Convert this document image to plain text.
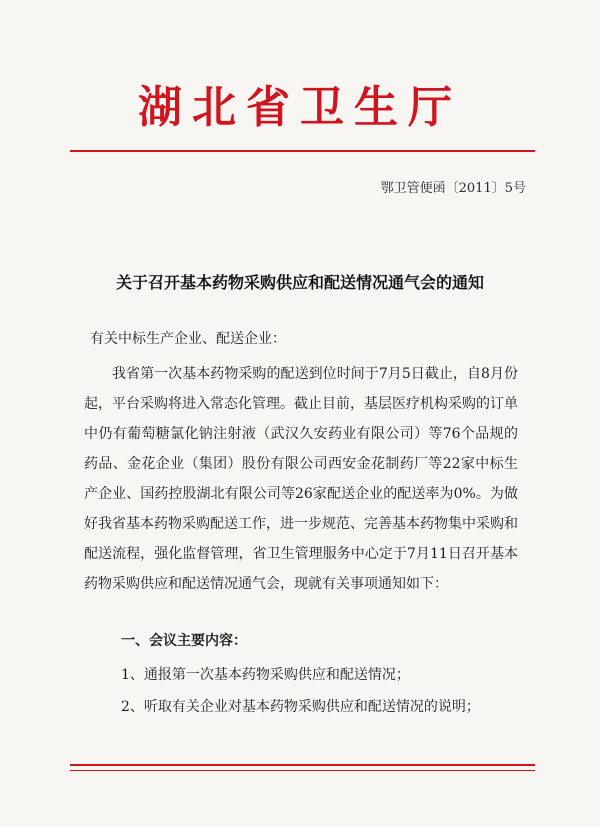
湖北省卫生厅
鄂卫管便函〔2011〕5号
关于召开基本药物采购供应和配送情况通气会的通知
有关中标生产企业、配送企业：

我省第一次基本药物采购的配送到位时间于7月5日截止，自8月份起，平台采购将进入常态化管理。截止目前，基层医疗机构采购的订单中仍有葡萄糖氯化钠注射液（武汉久安药业有限公司）等76个品规的药品、金花企业（集团）股份有限公司西安金花制药厂等22家中标生产企业、国药控股湖北有限公司等26家配送企业的配送率为0%。为做好我省基本药物采购配送工作，进一步规范、完善基本药物集中采购和配送流程，强化监督管理，省卫生管理服务中心定于7月11日召开基本药物采购供应和配送情况通气会，现就有关事项通知如下：

一、会议主要内容：
1、通报第一次基本药物采购供应和配送情况；
2、听取有关企业对基本药物采购供应和配送情况的说明；
